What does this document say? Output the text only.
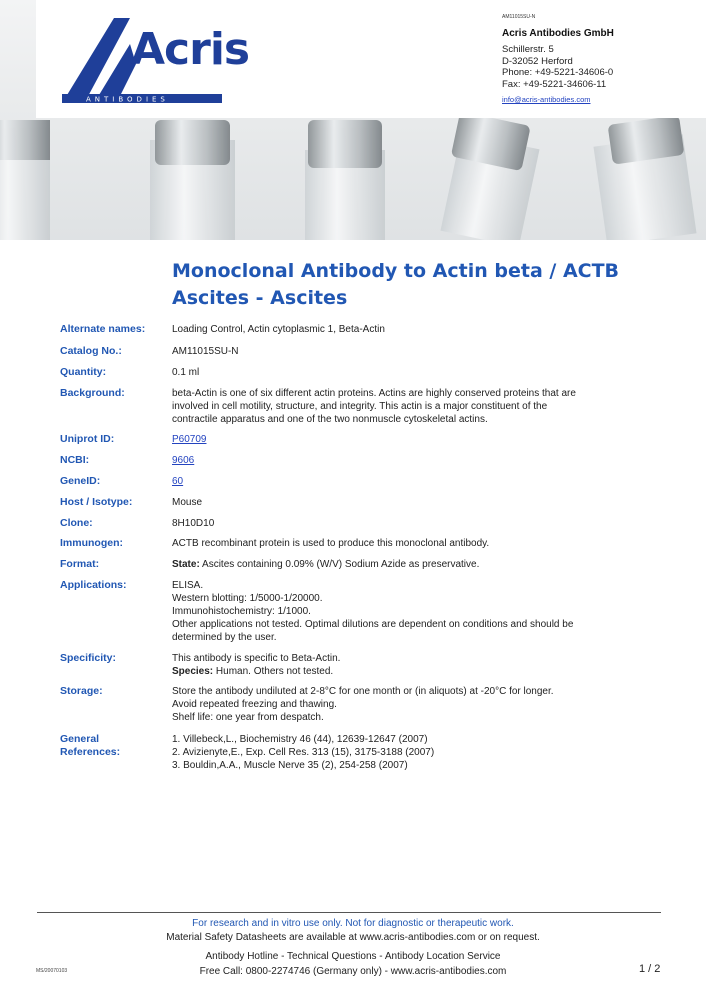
Acris
ANTIBODIES
AM11015SU-N
Acris Antibodies GmbH
Schillerstr. 5
D-32052 Herford
Phone: +49-5221-34606-0
Fax: +49-5221-34606-11
info@acris-antibodies.com
Monoclonal Antibody to Actin beta / ACTB
Ascites - Ascites
Alternate names:	Loading Control, Actin cytoplasmic 1, Beta-Actin
Catalog No.:	AM11015SU-N
Quantity:	0.1 ml
Background:	beta-Actin is one of six different actin proteins. Actins are highly conserved proteins that are
involved in cell motility, structure, and integrity. This actin is a major constituent of the
contractile apparatus and one of the two nonmuscle cytoskeletal actins.
Uniprot ID:	P60709
NCBI:	9606
GeneID:	60
Host / Isotype:	Mouse
Clone:	8H10D10
Immunogen:	ACTB recombinant protein is used to produce this monoclonal antibody.
Format:	State: Ascites containing 0.09% (W/V) Sodium Azide as preservative.
Applications:	ELISA.
Western blotting: 1/5000-1/20000.
Immunohistochemistry: 1/1000.
Other applications not tested. Optimal dilutions are dependent on conditions and should be
determined by the user.
Specificity:	This antibody is specific to Beta-Actin.
Species: Human. Others not tested.
Storage:	Store the antibody undiluted at 2-8°C for one month or (in aliquots) at -20°C for longer.
Avoid repeated freezing and thawing.
Shelf life: one year from despatch.
General
References:
1. Villebeck,L., Biochemistry 46 (44), 12639-12647 (2007)
2. Avizienyte,E., Exp. Cell Res. 313 (15), 3175-3188 (2007)
3. Bouldin,A.A., Muscle Nerve 35 (2), 254-258 (2007)
For research and in vitro use only. Not for diagnostic or therapeutic work.
Material Safety Datasheets are available at www.acris-antibodies.com or on request.
Antibody Hotline - Technical Questions - Antibody Location Service
Free Call: 0800-2274746 (Germany only) - www.acris-antibodies.com
MS/20070103	1 / 2
